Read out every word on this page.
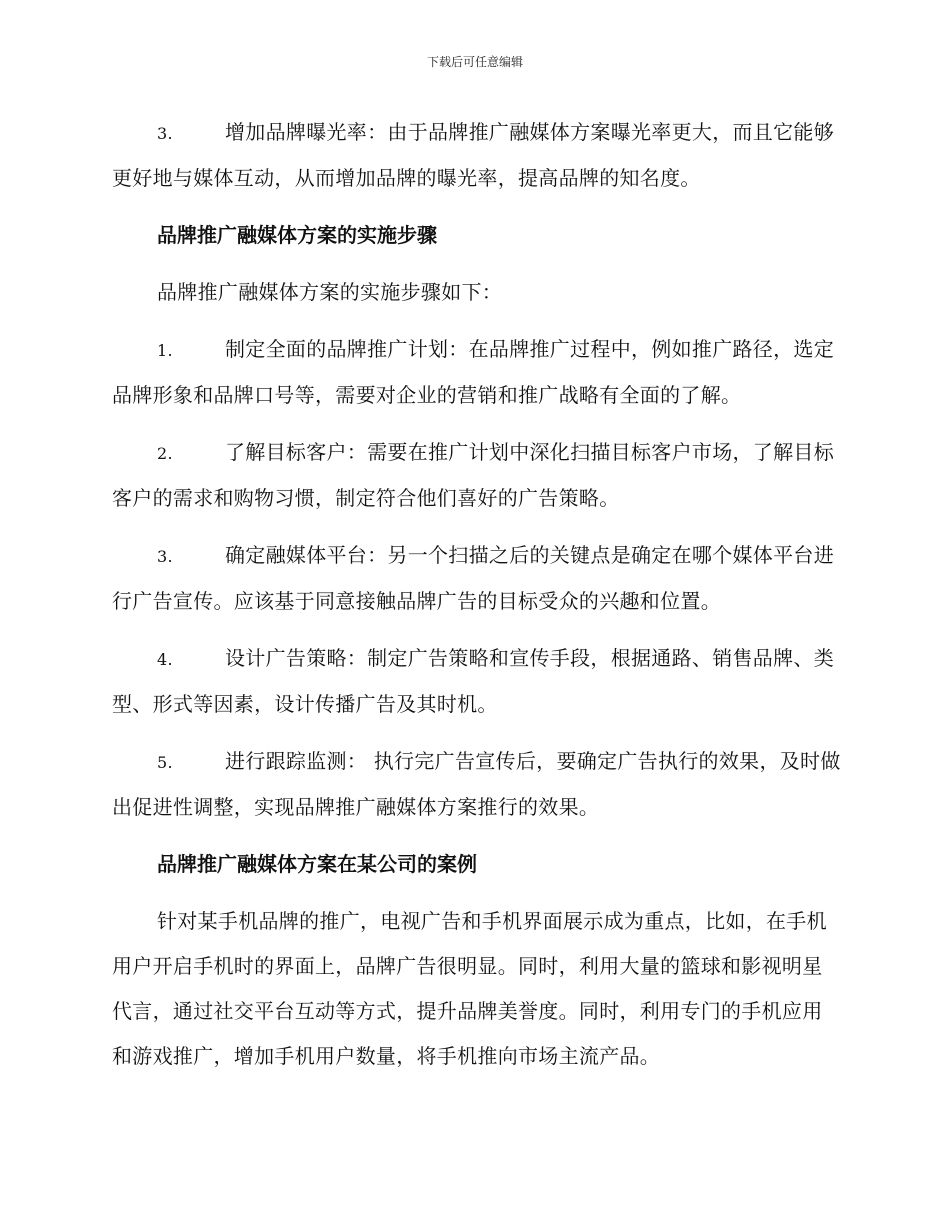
下载后可任意编辑

3.	增加品牌曝光率：由于品牌推广融媒体方案曝光率更大，而且它能够更好地与媒体互动，从而增加品牌的曝光率，提高品牌的知名度。

品牌推广融媒体方案的实施步骤

品牌推广融媒体方案的实施步骤如下：

1.	制定全面的品牌推广计划：在品牌推广过程中，例如推广路径，选定品牌形象和品牌口号等，需要对企业的营销和推广战略有全面的了解。

2.	了解目标客户：需要在推广计划中深化扫描目标客户市场，了解目标客户的需求和购物习惯，制定符合他们喜好的广告策略。

3.	确定融媒体平台：另一个扫描之后的关键点是确定在哪个媒体平台进行广告宣传。应该基于同意接触品牌广告的目标受众的兴趣和位置。

4.	设计广告策略：制定广告策略和宣传手段，根据通路、销售品牌、类型、形式等因素，设计传播广告及其时机。

5.	进行跟踪监测： 执行完广告宣传后，要确定广告执行的效果，及时做出促进性调整，实现品牌推广融媒体方案推行的效果。

品牌推广融媒体方案在某公司的案例

针对某手机品牌的推广，电视广告和手机界面展示成为重点，比如，在手机用户开启手机时的界面上，品牌广告很明显。同时，利用大量的篮球和影视明星代言，通过社交平台互动等方式，提升品牌美誉度。同时，利用专门的手机应用和游戏推广，增加手机用户数量，将手机推向市场主流产品。
